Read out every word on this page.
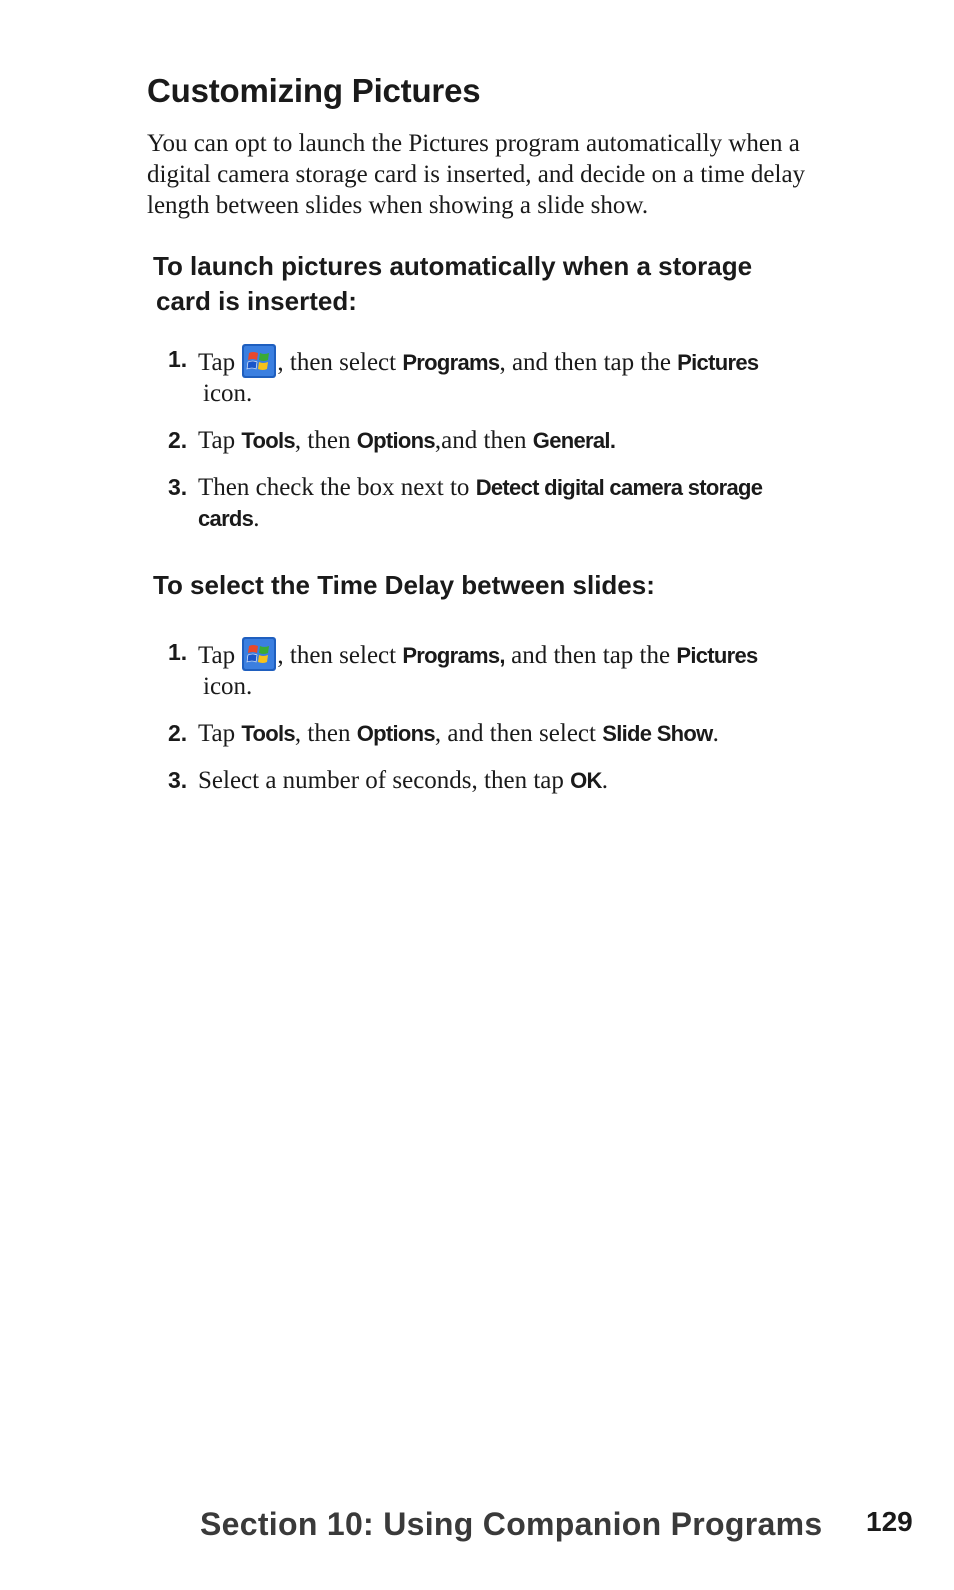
Customizing Pictures

You can opt to launch the Pictures program automatically when a digital camera storage card is inserted, and decide on a time delay length between slides when showing a slide show.

To launch pictures automatically when a storage
card is inserted:
1. Tap , then select Programs, and then tap the Pictures
icon.
2. Tap Tools, then Options,and then General.
3. Then check the box next to Detect digital camera storage
cards.
To select the Time Delay between slides:
1. Tap , then select Programs, and then tap the Pictures
icon.
2. Tap Tools, then Options, and then select Slide Show.
3. Select a number of seconds, then tap OK.
Section 10: Using Companion Programs 129
